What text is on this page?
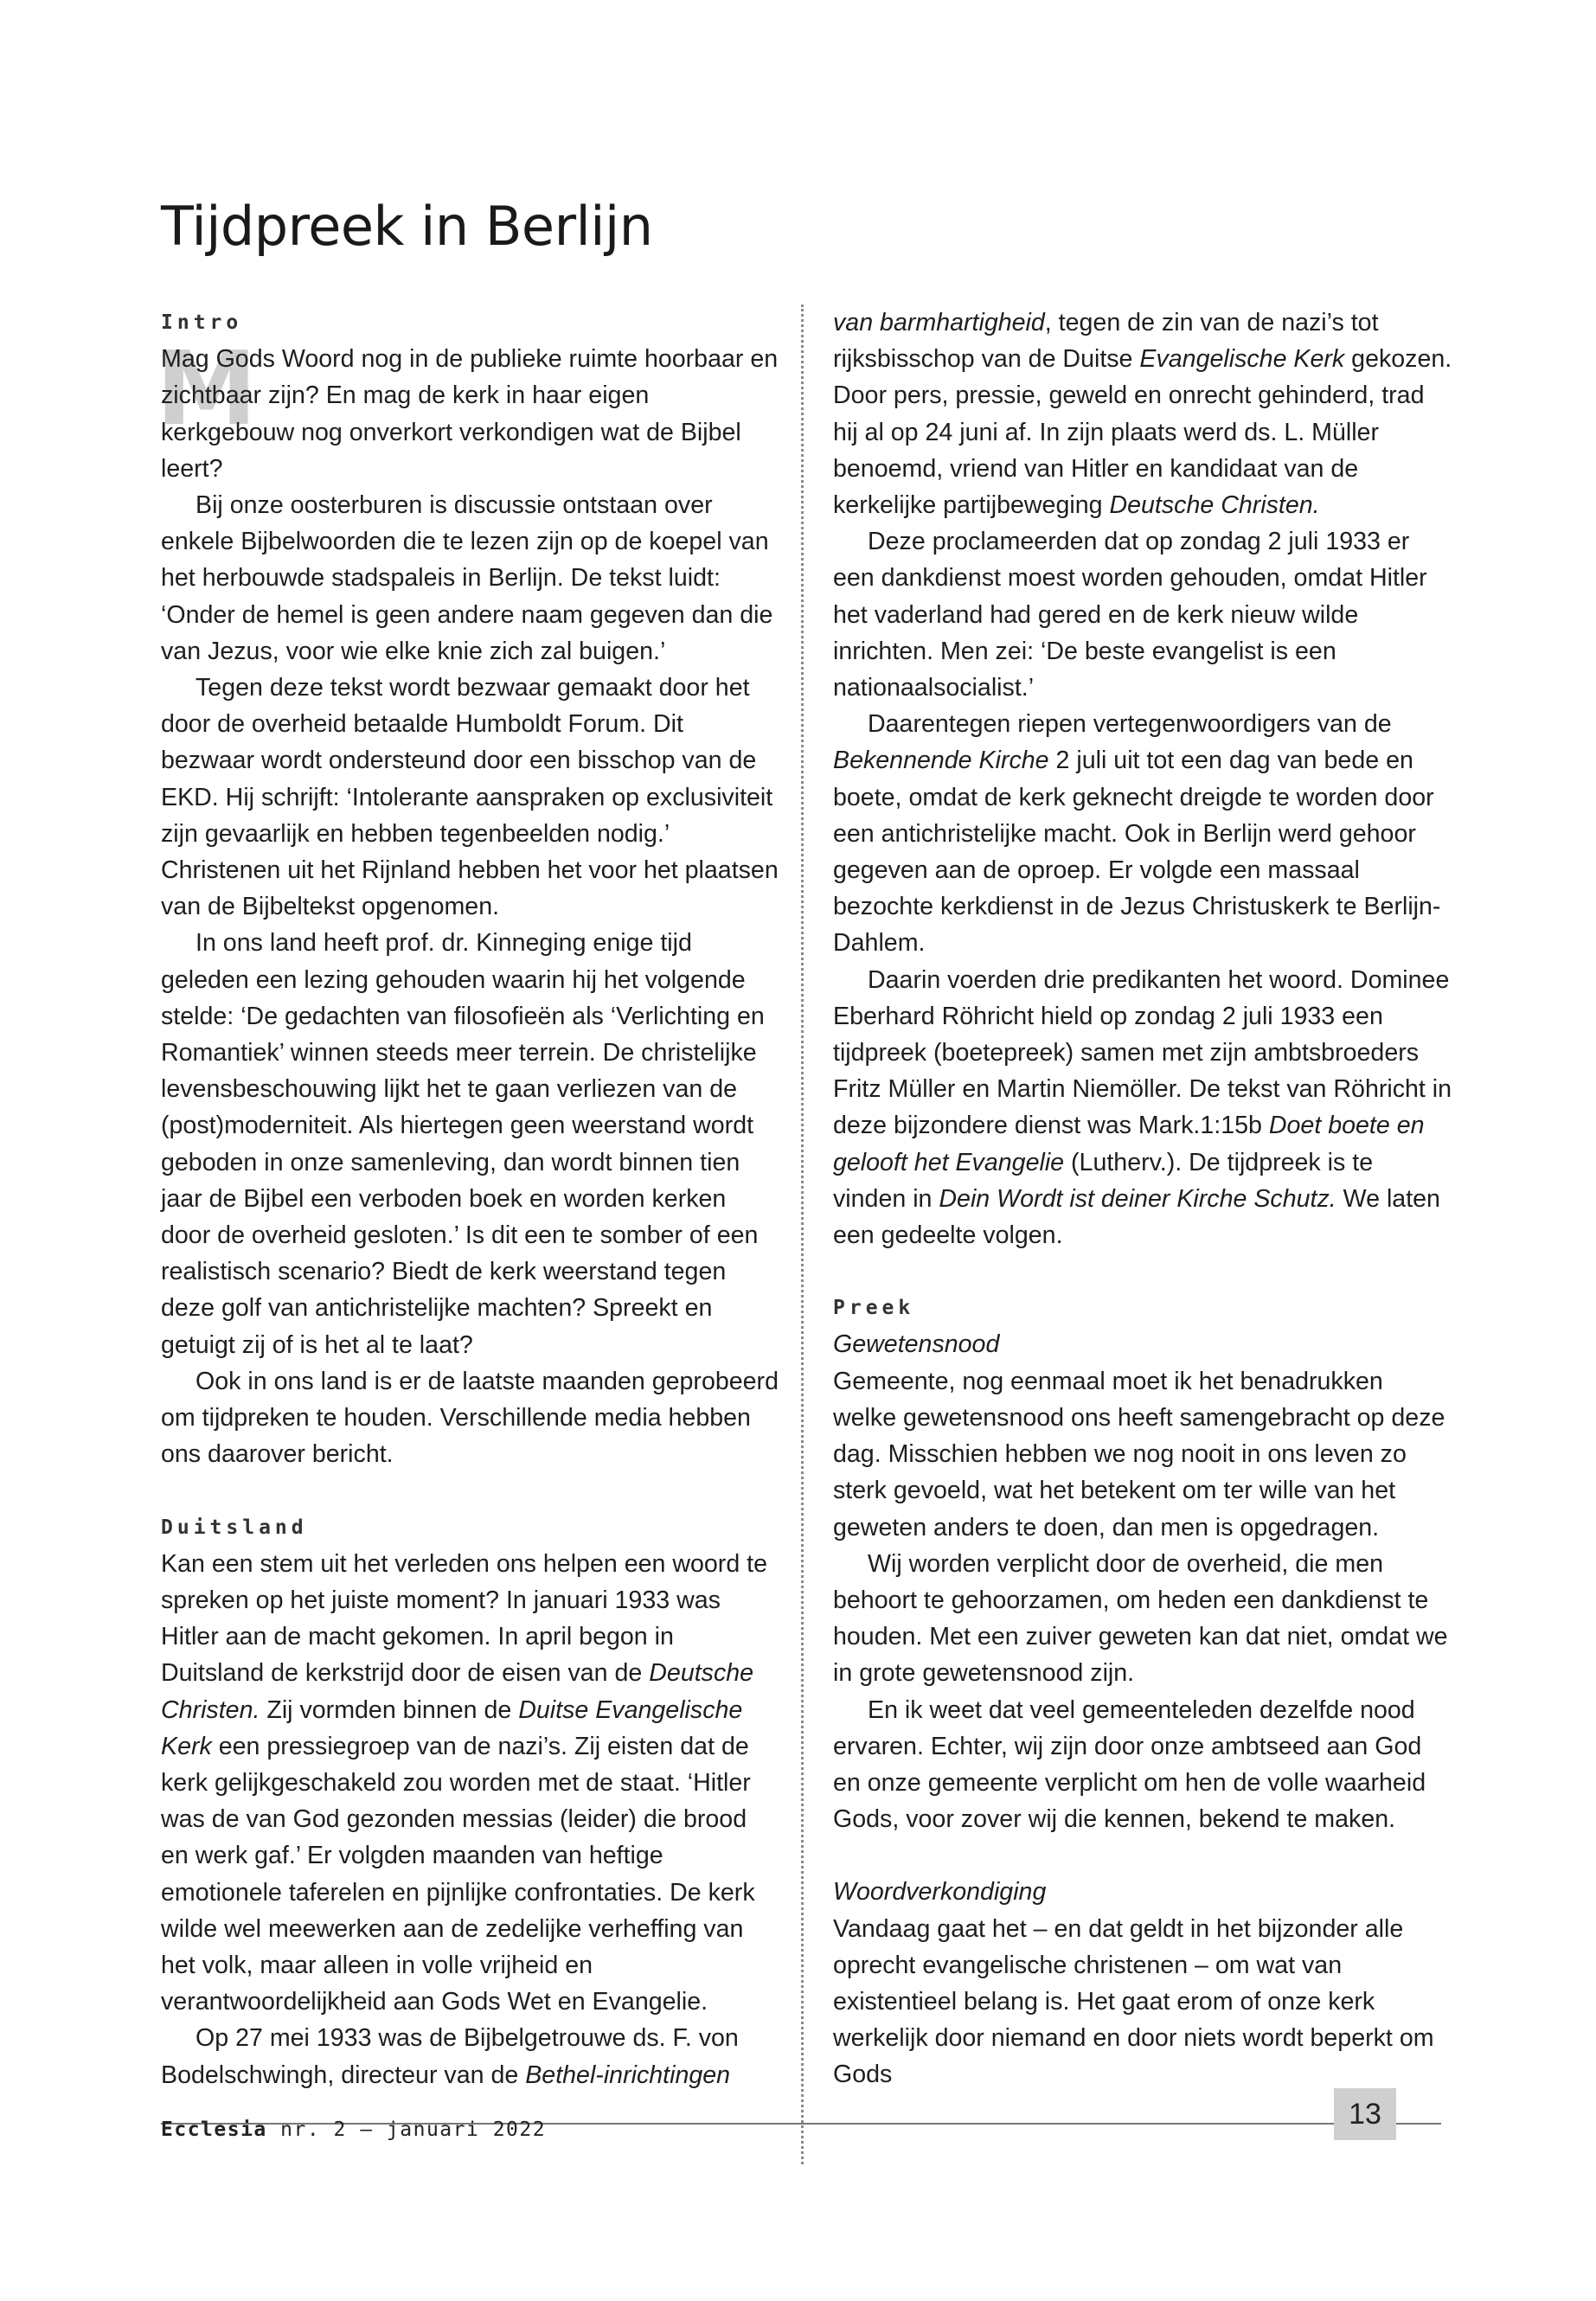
Tijdpreek in Berlijn
Intro
M

Mag Gods Woord nog in de publieke ruimte hoorbaar en zichtbaar zijn? En mag de kerk in haar eigen kerkgebouw nog onverkort verkondigen wat de Bijbel leert?

Bij onze oosterburen is discussie ontstaan over enkele Bijbelwoorden die te lezen zijn op de koepel van het herbouwde stadspaleis in Berlijn. De tekst luidt: ‘Onder de hemel is geen andere naam gegeven dan die van Jezus, voor wie elke knie zich zal buigen.’

Tegen deze tekst wordt bezwaar gemaakt door het door de overheid betaalde Humboldt Forum. Dit bezwaar wordt ondersteund door een bisschop van de EKD. Hij schrijft: ‘Intolerante aanspraken op exclusiviteit zijn gevaarlijk en hebben tegenbeelden nodig.’ Christenen uit het Rijnland hebben het voor het plaatsen van de Bijbeltekst opgenomen.

In ons land heeft prof. dr. Kinneging enige tijd geleden een lezing gehouden waarin hij het volgende stelde: ‘De gedachten van filosofieën als ‘Verlichting en Romantiek’ winnen steeds meer terrein. De christelijke levensbeschouwing lijkt het te gaan verliezen van de (post)moderniteit. Als hiertegen geen weerstand wordt geboden in onze samenleving, dan wordt binnen tien jaar de Bijbel een verboden boek en worden kerken door de overheid gesloten.’ Is dit een te somber of een realistisch scenario? Biedt de kerk weerstand tegen deze golf van antichristelijke machten? Spreekt en getuigt zij of is het al te laat?

Ook in ons land is er de laatste maanden geprobeerd om tijdpreken te houden. Verschillende media hebben ons daarover bericht.

Duitsland

Kan een stem uit het verleden ons helpen een woord te spreken op het juiste moment? In januari 1933 was Hitler aan de macht gekomen. In april begon in Duitsland de kerkstrijd door de eisen van de Deutsche Christen. Zij vormden binnen de Duitse Evangelische Kerk een pressiegroep van de nazi’s. Zij eisten dat de kerk gelijkgeschakeld zou worden met de staat. ‘Hitler was de van God gezonden messias (leider) die brood en werk gaf.’ Er volgden maanden van heftige emotionele taferelen en pijnlijke confrontaties. De kerk wilde wel meewerken aan de zedelijke verheffing van het volk, maar alleen in volle vrijheid en verantwoordelijkheid aan Gods Wet en Evangelie.

Op 27 mei 1933 was de Bijbelgetrouwe ds. F. von Bodelschwingh, directeur van de Bethel-inrichtingen

van barmhartigheid, tegen de zin van de nazi’s tot rijksbisschop van de Duitse Evangelische Kerk gekozen. Door pers, pressie, geweld en onrecht gehinderd, trad hij al op 24 juni af. In zijn plaats werd ds. L. Müller benoemd, vriend van Hitler en kandidaat van de kerkelijke partijbeweging Deutsche Christen.

Deze proclameerden dat op zondag 2 juli 1933 er een dankdienst moest worden gehouden, omdat Hitler het vaderland had gered en de kerk nieuw wilde inrichten. Men zei: ‘De beste evangelist is een nationaalsocialist.’

Daarentegen riepen vertegenwoordigers van de Bekennende Kirche 2 juli uit tot een dag van bede en boete, omdat de kerk geknecht dreigde te worden door een antichristelijke macht. Ook in Berlijn werd gehoor gegeven aan de oproep. Er volgde een massaal bezochte kerkdienst in de Jezus Christuskerk te Berlijn-Dahlem.

Daarin voerden drie predikanten het woord. Dominee Eberhard Röhricht hield op zondag 2 juli 1933 een tijdpreek (boetepreek) samen met zijn ambtsbroeders Fritz Müller en Martin Niemöller. De tekst van Röhricht in deze bijzondere dienst was Mark.1:15b Doet boete en gelooft het Evangelie (Lutherv.). De tijdpreek is te vinden in Dein Wordt ist deiner Kirche Schutz. We laten een gedeelte volgen.

Preek
Gewetensnood

Gemeente, nog eenmaal moet ik het benadrukken welke gewetensnood ons heeft samengebracht op deze dag. Misschien hebben we nog nooit in ons leven zo sterk gevoeld, wat het betekent om ter wille van het geweten anders te doen, dan men is opgedragen.

Wij worden verplicht door de overheid, die men behoort te gehoorzamen, om heden een dankdienst te houden. Met een zuiver geweten kan dat niet, omdat we in grote gewetensnood zijn.

En ik weet dat veel gemeenteleden dezelfde nood ervaren. Echter, wij zijn door onze ambtseed aan God en onze gemeente verplicht om hen de volle waarheid Gods, voor zover wij die kennen, bekend te maken.

Woordverkondiging

Vandaag gaat het – en dat geldt in het bijzonder alle oprecht evangelische christenen – om wat van existentieel belang is. Het gaat erom of onze kerk werkelijk door niemand en door niets wordt beperkt om Gods

Ecclesia nr. 2 — januari 2022	13
